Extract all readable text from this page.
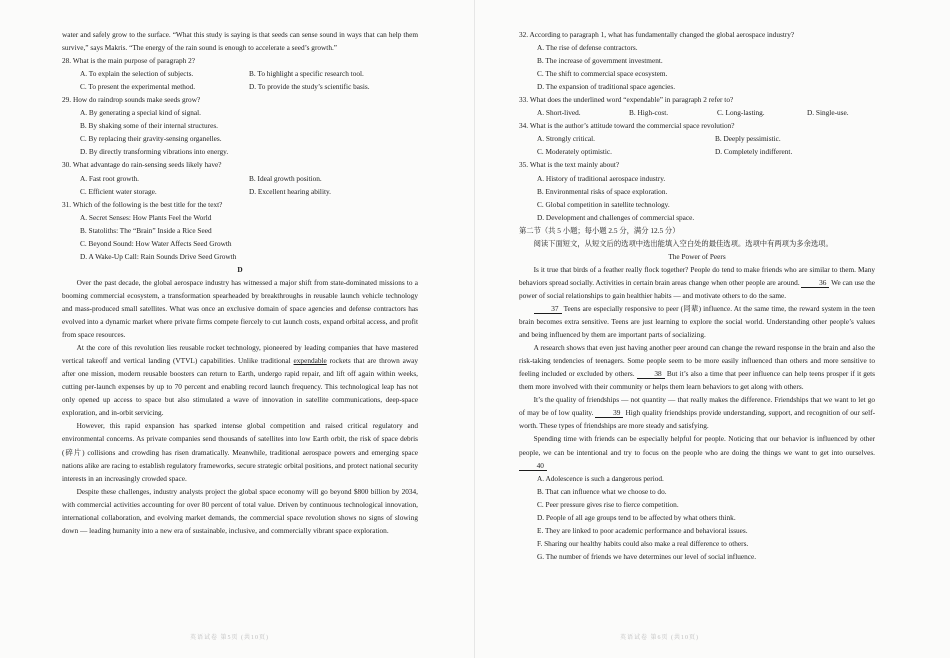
water and safely grow to the surface. “What this study is saying is that seeds can sense sound in ways that can help them survive,” says Makris. “The energy of the rain sound is enough to accelerate a seed’s growth.”

28. What is the main purpose of paragraph 2?

A. To explain the selection of subjects.	B. To highlight a specific research tool.
C. To present the experimental method.	D. To provide the study’s scientific basis.

29. How do raindrop sounds make seeds grow?

A. By generating a special kind of signal.

B. By shaking some of their internal structures.

C. By replacing their gravity-sensing organelles.

D. By directly transforming vibrations into energy.

30. What advantage do rain-sensing seeds likely have?

A. Fast root growth.	B. Ideal growth position.
C. Efficient water storage.	D. Excellent hearing ability.

31. Which of the following is the best title for the text?

A. Secret Senses: How Plants Feel the World

B. Statoliths: The “Brain” Inside a Rice Seed

C. Beyond Sound: How Water Affects Seed Growth

D. A Wake-Up Call: Rain Sounds Drive Seed Growth

D

Over the past decade, the global aerospace industry has witnessed a major shift from state-dominated missions to a booming commercial ecosystem, a transformation spearheaded by breakthroughs in reusable launch vehicle technology and mass-produced small satellites. What was once an exclusive domain of space agencies and defense contractors has evolved into a dynamic market where private firms compete fiercely to cut launch costs, expand orbital access, and profit from space resources.

At the core of this revolution lies reusable rocket technology, pioneered by leading companies that have mastered vertical takeoff and vertical landing (VTVL) capabilities. Unlike traditional expendable rockets that are thrown away after one mission, modern reusable boosters can return to Earth, undergo rapid repair, and lift off again within weeks, cutting per-launch expenses by up to 70 percent and enabling record launch frequency. This technological leap has not only opened up access to space but also stimulated a wave of innovation in satellite communications, deep-space exploration, and in-orbit servicing.

However, this rapid expansion has sparked intense global competition and raised critical regulatory and environmental concerns. As private companies send thousands of satellites into low Earth orbit, the risk of space debris (碎片) collisions and crowding has risen dramatically. Meanwhile, traditional aerospace powers and emerging space nations alike are racing to establish regulatory frameworks, secure strategic orbital positions, and protect national security interests in an increasingly crowded space.

Despite these challenges, industry analysts project the global space economy will go beyond $800 billion by 2034, with commercial activities accounting for over 80 percent of total value. Driven by continuous technological innovation, international collaboration, and evolving market demands, the commercial space revolution shows no signs of slowing down — leading humanity into a new era of sustainable, inclusive, and commercially vibrant space exploration.

英语试卷 第5页 (共10页)

32. According to paragraph 1, what has fundamentally changed the global aerospace industry?

A. The rise of defense contractors.

B. The increase of government investment.

C. The shift to commercial space ecosystem.

D. The expansion of traditional space agencies.

33. What does the underlined word “expendable” in paragraph 2 refer to?

A. Short-lived.	B. High-cost.	C. Long-lasting.	D. Single-use.

34. What is the author’s attitude toward the commercial space revolution?

A. Strongly critical.	B. Deeply pessimistic.
C. Moderately optimistic.	D. Completely indifferent.

35. What is the text mainly about?

A. History of traditional aerospace industry.

B. Environmental risks of space exploration.

C. Global competition in satellite technology.

D. Development and challenges of commercial space.

第二节（共 5 小题；每小题 2.5 分，满分 12.5 分）

阅读下面短文，从短文后的选项中选出能填入空白处的最佳选项。选项中有两项为多余选项。

The Power of Peers

Is it true that birds of a feather really flock together? People do tend to make friends who are similar to them. Many behaviors spread socially. Activities in certain brain areas change when other people are around. 36 We can use the power of social relationships to gain healthier habits — and motivate others to do the same.

37 Teens are especially responsive to peer (同辈) influence. At the same time, the reward system in the teen brain becomes extra sensitive. Teens are just learning to explore the social world. Understanding other people’s values and being influenced by them are important parts of socializing.

A research shows that even just having another peer around can change the reward response in the brain and also the risk-taking tendencies of teenagers. Some people seem to be more easily influenced than others and more sensitive to feeling included or excluded by others. 38 But it’s also a time that peer influence can help teens prosper if it gets them more involved with their community or helps them learn behaviors to get along with others.

It’s the quality of friendships — not quantity — that really makes the difference. Friendships that we want to let go of may be of low quality. 39 High quality friendships provide understanding, support, and recognition of our self-worth. These types of friendships are more steady and satisfying.

Spending time with friends can be especially helpful for people. Noticing that our behavior is influenced by other people, we can be intentional and try to focus on the people who are doing the things we want to get into ourselves. 40

A. Adolescence is such a dangerous period.

B. That can influence what we choose to do.

C. Peer pressure gives rise to fierce competition.

D. People of all age groups tend to be affected by what others think.

E. They are linked to poor academic performance and behavioral issues.

F. Sharing our healthy habits could also make a real difference to others.

G. The number of friends we have determines our level of social influence.

英语试卷 第6页 (共10页)
